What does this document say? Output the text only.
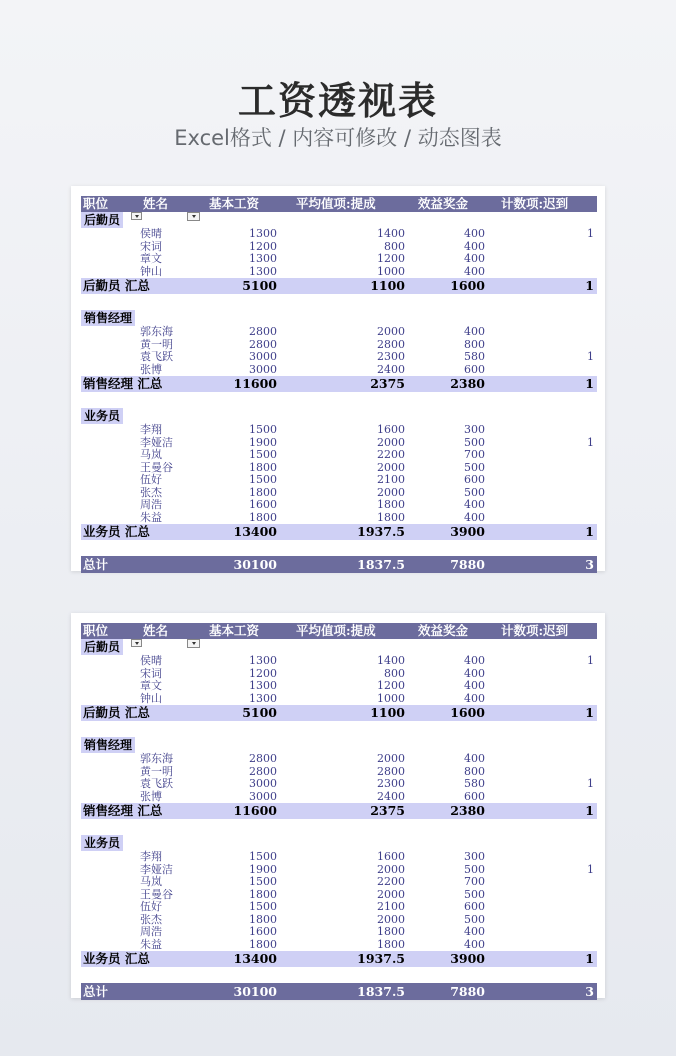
工资透视表
Excel格式 / 内容可修改 / 动态图表
职位	姓名	基本工资	平均值项:提成	效益奖金	计数项:迟到
后勤员
侯晴	1300	1400	400	1
宋词	1200	800	400
章文	1300	1200	400
钟山	1300	1000	400
后勤员 汇总	5100	1100	1600	1
销售经理
郭东海	2800	2000	400
黄一明	2800	2800	800
袁飞跃	3000	2300	580	1
张博	3000	2400	600
销售经理 汇总	11600	2375	2380	1
业务员
李翔	1500	1600	300
李娅洁	1900	2000	500	1
马岚	1500	2200	700
王曼谷	1800	2000	500
伍好	1500	2100	600
张杰	1800	2000	500
周浩	1600	1800	400
朱益	1800	1800	400
业务员 汇总	13400	1937.5	3900	1
总计	30100	1837.5	7880	3
职位	姓名	基本工资	平均值项:提成	效益奖金	计数项:迟到
后勤员
侯晴	1300	1400	400	1
宋词	1200	800	400
章文	1300	1200	400
钟山	1300	1000	400
后勤员 汇总	5100	1100	1600	1
销售经理
郭东海	2800	2000	400
黄一明	2800	2800	800
袁飞跃	3000	2300	580	1
张博	3000	2400	600
销售经理 汇总	11600	2375	2380	1
业务员
李翔	1500	1600	300
李娅洁	1900	2000	500	1
马岚	1500	2200	700
王曼谷	1800	2000	500
伍好	1500	2100	600
张杰	1800	2000	500
周浩	1600	1800	400
朱益	1800	1800	400
业务员 汇总	13400	1937.5	3900	1
总计	30100	1837.5	7880	3
